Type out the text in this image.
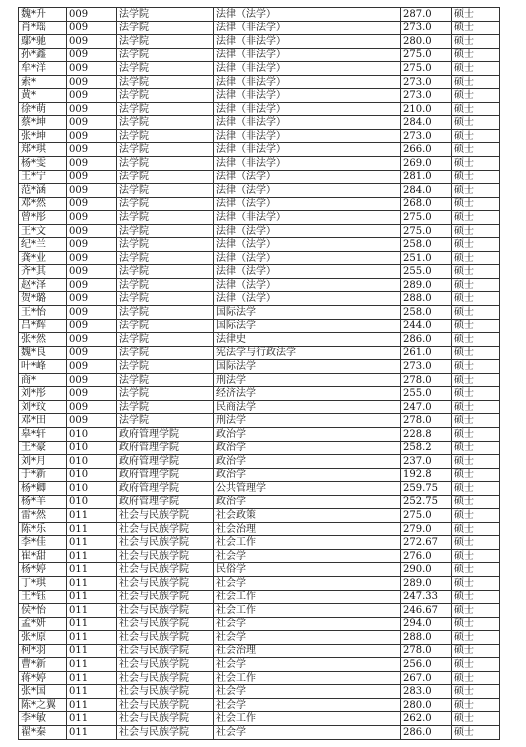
魏*升	009	法学院	法律（法学）	287.0	硕士
肖*瑶	009	法学院	法律（非法学）	273.0	硕士
鄢*驰	009	法学院	法律（非法学）	280.0	硕士
孙*鑫	009	法学院	法律（非法学）	275.0	硕士
牟*洋	009	法学院	法律（非法学）	275.0	硕士
索*	009	法学院	法律（非法学）	273.0	硕士
黄*	009	法学院	法律（非法学）	273.0	硕士
徐*萌	009	法学院	法律（非法学）	210.0	硕士
蔡*坤	009	法学院	法律（非法学）	284.0	硕士
张*坤	009	法学院	法律（非法学）	273.0	硕士
郑*琪	009	法学院	法律（非法学）	266.0	硕士
杨*雯	009	法学院	法律（非法学）	269.0	硕士
王*宁	009	法学院	法律（法学）	281.0	硕士
范*涵	009	法学院	法律（法学）	284.0	硕士
邓*然	009	法学院	法律（法学）	268.0	硕士
曾*彤	009	法学院	法律（非法学）	275.0	硕士
王*文	009	法学院	法律（法学）	275.0	硕士
纪*兰	009	法学院	法律（法学）	258.0	硕士
龚*业	009	法学院	法律（法学）	251.0	硕士
齐*其	009	法学院	法律（法学）	255.0	硕士
赵*泽	009	法学院	法律（法学）	289.0	硕士
贺*璐	009	法学院	法律（法学）	288.0	硕士
王*怡	009	法学院	国际法学	258.0	硕士
吕*辉	009	法学院	国际法学	244.0	硕士
张*然	009	法学院	法律史	286.0	硕士
魏*良	009	法学院	宪法学与行政法学	261.0	硕士
叶*峰	009	法学院	国际法学	273.0	硕士
商*	009	法学院	刑法学	278.0	硕士
刘*彤	009	法学院	经济法学	255.0	硕士
刘*玟	009	法学院	民商法学	247.0	硕士
邓*田	009	法学院	刑法学	278.0	硕士
皋*轩	010	政府管理学院	政治学	228.8	硕士
王*豪	010	政府管理学院	政治学	258.2	硕士
刘*月	010	政府管理学院	政治学	237.0	硕士
于*新	010	政府管理学院	政治学	192.8	硕士
杨*卿	010	政府管理学院	公共管理学	259.75	硕士
杨*羊	010	政府管理学院	政治学	252.75	硕士
雷*然	011	社会与民族学院	社会政策	275.0	硕士
陈*乐	011	社会与民族学院	社会治理	279.0	硕士
李*佳	011	社会与民族学院	社会工作	272.67	硕士
崔*甜	011	社会与民族学院	社会学	276.0	硕士
杨*婷	011	社会与民族学院	民俗学	290.0	硕士
丁*琪	011	社会与民族学院	社会学	289.0	硕士
王*钰	011	社会与民族学院	社会工作	247.33	硕士
侯*怡	011	社会与民族学院	社会工作	246.67	硕士
孟*妍	011	社会与民族学院	社会学	294.0	硕士
张*原	011	社会与民族学院	社会学	288.0	硕士
柯*羽	011	社会与民族学院	社会治理	278.0	硕士
曹*新	011	社会与民族学院	社会学	256.0	硕士
蒋*婷	011	社会与民族学院	社会工作	267.0	硕士
张*国	011	社会与民族学院	社会学	283.0	硕士
陈*之翼	011	社会与民族学院	社会学	280.0	硕士
李*敏	011	社会与民族学院	社会工作	262.0	硕士
翟*秦	011	社会与民族学院	社会学	286.0	硕士
